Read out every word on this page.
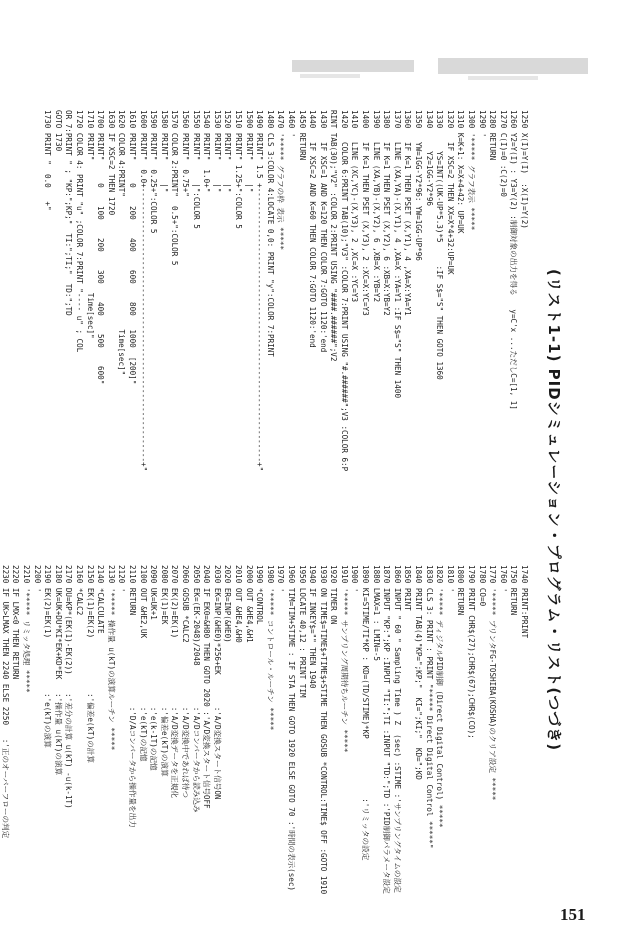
(リスト1-1) PIDシミュレーション・プログラム・リスト(つづき)
1250 X(I)=Y(I)  :X(I)=Y(2)
1260 Y2=Y(I) : Y3=Y(2) :制御対象の出力を得る   y=C'x ...ただしC=[1, 1]
1270 C(I)=0 :C(2)=0
1280 RETURN
1290 '
1300 '***** グラフ表示 *****
1310 K=K+1: X=X+4+42: UP=UK
1320   IF XSC=2 THEN XX=X*4+32:UP=UK
1330     YS=INT((UK-UP*5.3)*5     :IF S$="S" THEN GOTO 1360
1340     Y2=1GG-Y2*96
1350   YW=1GG-Y2*96: YW=1GG-UP*96
1360   IF K=1 THEN PSET (X,Y1), 4 ,XA=X:YA=Y1
1370   LINE (XA,YA)-(X,Y1), 4 ,XA=X :YA=Y1 :IF S$="S" THEN 1400
1380   IF K=1 THEN PSET (X,Y2), 6 :XB=X:YB=Y2
1390   LINE (XA,YB)-(X,Y2), 6 ,XB=X :YB=Y2
1400   IF K=1 THEN PSET (X,Y3), 2 :XC=X:YC=Y3
1410   LINE (XC,YC)-(X,Y3), 2 ,XC=X :YC=Y3
1420   COLOR 6:PRINT TAB(10);"V3" :COLOR 7:PRINT USING "#.######";V3 :COLOR 6:P
RINT TAB(30);"V2" :COLOR 2:PRINT USING "####.######";V2
1430   IF XSC=1 AND K=120 THEN COLOR 7:GOTO 1120:'end
1440   IF XSC=2 AND K=60 THEN COLOR 7:GOTO 1120:'end
1450 RETURN
1460 '
1470 '***** グラフの枠 表示 *****
1480 CLS 3:COLOR 4:LOCATE 0,0: PRINT "y":COLOR 7:PRINT
1490 PRINT" 1.5 +------------------------------------------------------------+"
1500 PRINT"     |"
1510 PRINT" 1.25+":COLOR 5
1520 PRINT"     |"
1530 PRINT"     |"
1540 PRINT"  1.0+"
1550 PRINT"     |":COLOR 5
1560 PRINT"  0.75+"
1570 COLOR 2:PRINT"  0.5+":COLOR 5
1580 PRINT"     |"
1590 PRINT"  0.25+":COLOR 5
1600 PRINT"  0.0+------------------------------------------------------------+"
1610 PRINT"     0    200    400    600    800   1000  [200]"
1620 COLOR 4:PRINT"                             Time[sec]"
1630 IF XSC=2 THEN 1720
1700 PRINT"     0    100    200    300    400    500    600"
1710 PRINT"                             Time[sec]"
1720 COLOR 4: PRINT "u" ;COLOR 7:PRINT "---- u" ; COL
OR 7:PRINT " ; "KP:";KP;"  TI:";TI;"  TD:";TD
GOTO 1730
1730 PRINT "  0.0   +"
1740 PRINT:PRINT
1750 RETURN
1760 '
1770 '***** プリンタFG-TOSHIBA(KOSHA)のクリア設定 *****
1780 CO=0
1790 PRINT CHR$(27);CHR$(67);CHR$(CO);
1800 RETURN
1810 '
1820 '***** ディジタルPID制御 (Direct Digital Control) *****
1830 CLS 3: PRINT : PRINT "***** Direct Digital Control *****"
1840 PRINT TAB(4)"KP=";KP;"  KI=";KI;"  KD=";KD
1850 PRINT
1860 INPUT " 60 " Sampling Time ) Z  (sec) :STIME :'サンプリングタイムの設定
1870 INPUT "KP:";KP :INPUT "TI:";TI :INPUT "TD:";TD :'PID制御パラメータ設定
1880 LMAX=1 : LMIN=-5
1890 KI=STIME/TI*KP : KD=(TD/STIME)*KP             :'リミッタの設定
1900 '
1910 '***** サンプリング周期待ちルーチン *****
1920 TIMER ON
1930 ON TIME$=TIME$+TIME$+STIME THEN GOSUB *CONTROL:TIME$ OFF :GOTO 1910
1940 IF INKEY$="" THEN 1940
1950 LOCATE 40,12 : PRINT TIM
1960 TIM=TIM+STIME : IF STA THEN GOTO 1920 ELSE GOTO 70 :'時間の表示(sec)
1970 '
1980 '***** コントロール・ルーチン *****
1990 *CONTROL
2000 OUT &HE4,&H1
2010 OUT &HE4,&H0
2020 ER=INP(&HE0)
2030 EK=INP(&HE0)*256+EK       :'A/D変換スタート信号ON
2040 IF EK0=&H80 THEN GOTO 2020 :'A/D変換スタート信号OFF
2050 EK=(EK-2048)/2048         :'A/Dコンバータから読み込み
2060 GOSUB *CALC2              :'A/D変換中であれば待つ
2070 EK(2)=EK(1)               :'A/D変換データを正規化
2080 EK(1)=EK                  :'偏差e(kT)の演算
2090 UK=UK+1                   :'e(k-1T)の記憶
2100 OUT &HE2,UK               :'e(kT)の記憶
2110 RETURN                    :'D/Aコンバータから操作量を出力
2120 '
2130 '***** 操作量 u(kT)の演算ルーチン *****
2140 *CALCULATE
2150 EK(1)=EK(2)            :'偏差e(kT)の計算
2160 *CALC2
2170 DU=KP*(EK(1)-EK(2))    :'差分の計算 u(kT) -u(k-1T)
2180 UK=UK+DU*KI*EK+KD*EK   :'操作量 u(kT)の演算
2190 EK(2)=EK(1)            :'e(kT)の演算
2200 '
2210 '***** リミッタ処理 *****
2220 IF LMX<0 THEN RETURN
2230 IF UK>LMAX THEN 2240 ELSE 2250   :'正のオーバーフローの判定
151
